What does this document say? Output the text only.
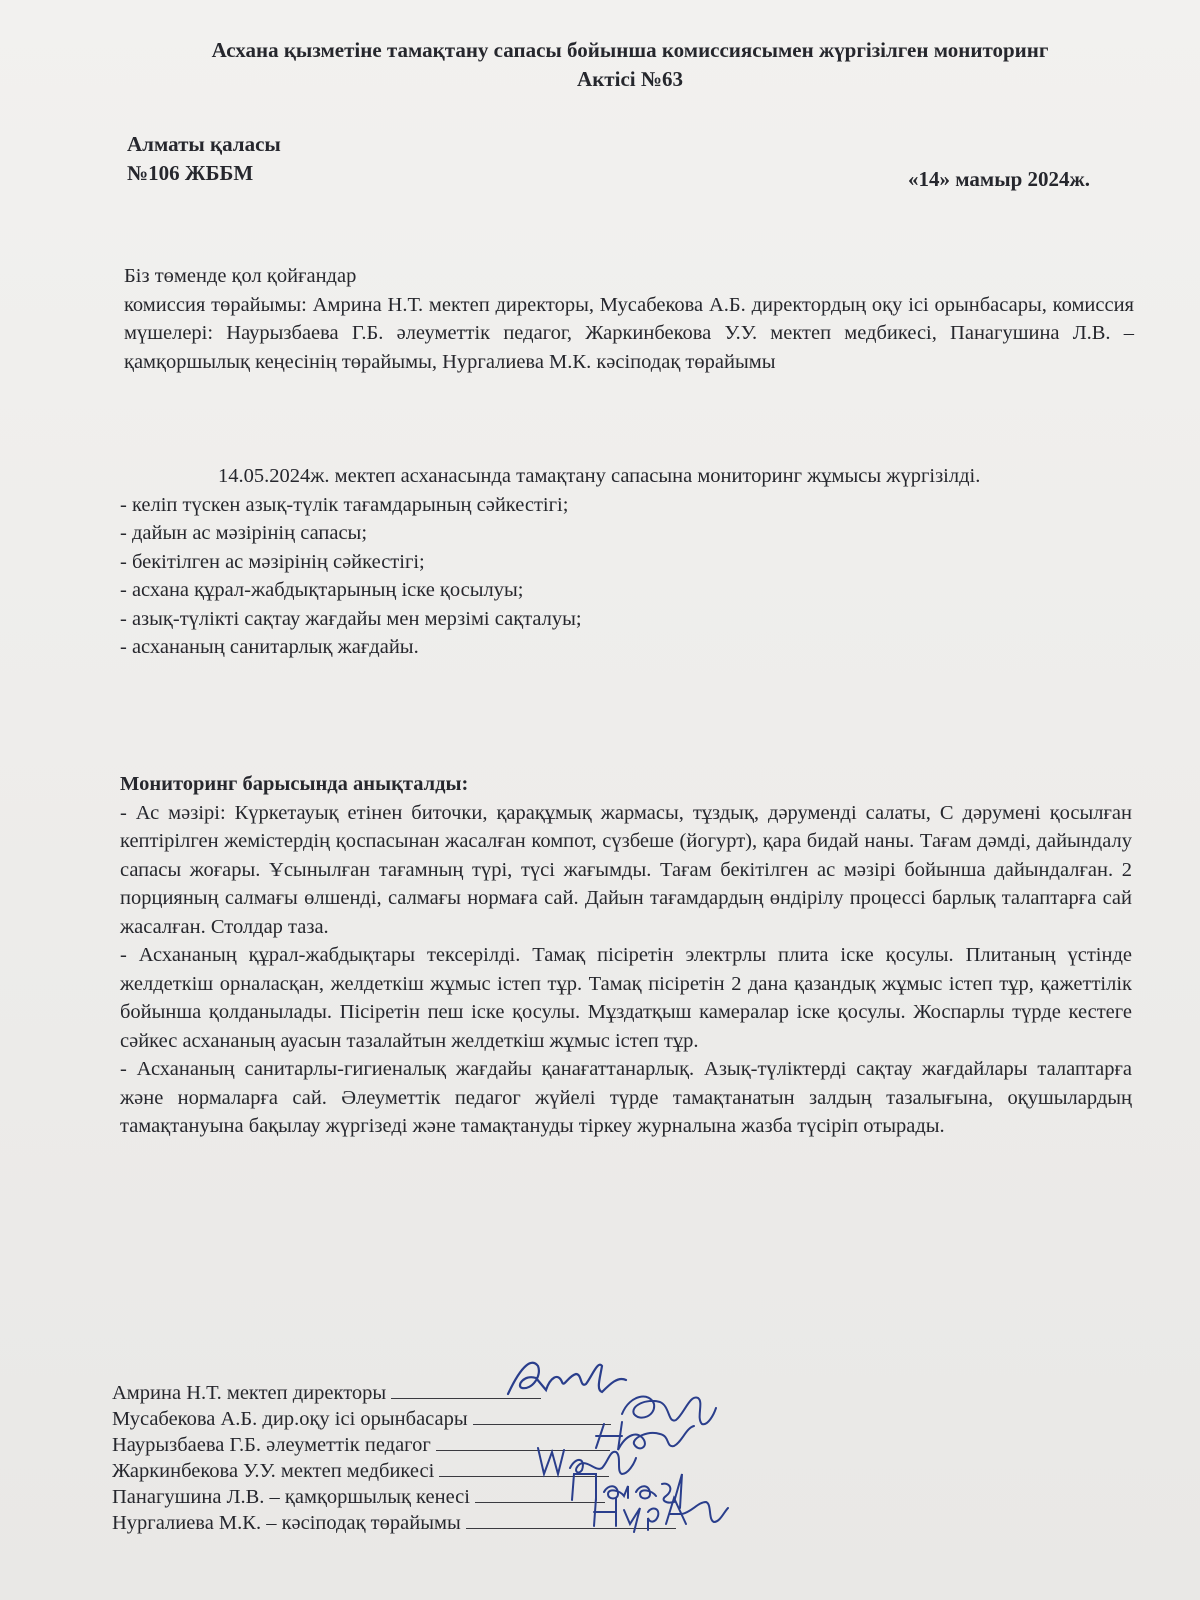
Асхана қызметіне тамақтану сапасы бойынша комиссиясымен жүргізілген мониторинг
Актісі №63
Алматы қаласы
№106 ЖББМ	«14» мамыр 2024ж.
Біз төменде қол қойғандар
комиссия төрайымы: Амрина Н.Т. мектеп директоры, Мусабекова А.Б. директордың оқу ісі орынбасары, комиссия мүшелері: Наурызбаева Г.Б. әлеуметтік педагог, Жаркинбекова У.У. мектеп медбикесі, Панагушина Л.В. – қамқоршылық кеңесінің төрайымы, Нургалиева М.К. кәсіподақ төрайымы
14.05.2024ж. мектеп асханасында тамақтану сапасына мониторинг жұмысы жүргізілді.
- келіп түскен азық-түлік тағамдарының сәйкестігі;
- дайын ас мәзірінің сапасы;
- бекітілген ас мәзірінің сәйкестігі;
- асхана құрал-жабдықтарының іске қосылуы;
- азық-түлікті сақтау жағдайы мен мерзімі сақталуы;
- асхананың санитарлық жағдайы.
Мониторинг барысында анықталды:
- Ас мәзірі: Күркетауық етінен биточки, қарақұмық жармасы, тұздық, дәруменді салаты, С дәрумені қосылған кептірілген жемістердің қоспасынан жасалған компот, сүзбеше (йогурт), қара бидай наны. Тағам дәмді, дайындалу сапасы жоғары. Ұсынылған тағамның түрі, түсі жағымды. Тағам бекітілген ас мәзірі бойынша дайындалған. 2 порцияның салмағы өлшенді, салмағы нормаға сай. Дайын тағамдардың өндірілу процессі барлық талаптарға сай жасалған. Столдар таза.
- Асхананың құрал-жабдықтары тексерілді. Тамақ пісіретін электрлы плита іске қосулы. Плитаның үстінде желдеткіш орналасқан, желдеткіш жұмыс істеп тұр. Тамақ пісіретін 2 дана қазандық жұмыс істеп тұр, қажеттілік бойынша қолданылады. Пісіретін пеш іске қосулы. Мұздатқыш камералар іске қосулы. Жоспарлы түрде кестеге сәйкес асхананың ауасын тазалайтын желдеткіш жұмыс істеп тұр.
- Асхананың санитарлы-гигиеналық жағдайы қанағаттанарлық. Азық-түліктерді сақтау жағдайлары талаптарға және нормаларға сай. Әлеуметтік педагог жүйелі түрде тамақтанатын залдың тазалығына, оқушылардың тамақтануына бақылау жүргізеді және тамақтануды тіркеу журналына жазба түсіріп отырады.
Амрина Н.Т. мектеп директоры
Мусабекова А.Б. дир.оқу ісі орынбасары
Наурызбаева Г.Б. әлеуметтік педагог
Жаркинбекова У.У. мектеп медбикесі
Панагушина Л.В. – қамқоршылық кенесі
Нургалиева М.К. – кәсіподақ төрайымы
